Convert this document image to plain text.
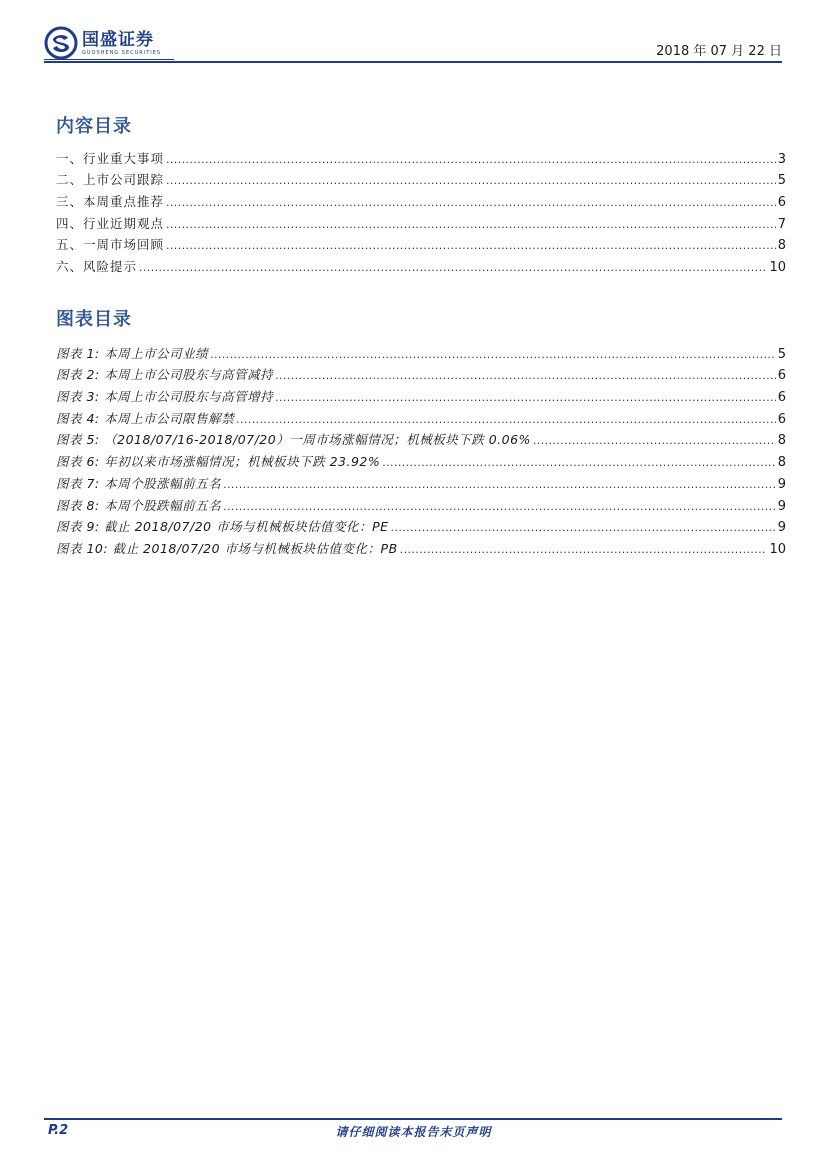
国盛证券
GUOSHENG SECURITIES	2018 年 07 月 22 日
内容目录
一、行业重大事项 .....	3
二、上市公司跟踪 .....	5
三、本周重点推荐 .....	6
四、行业近期观点 .....	7
五、一周市场回顾 .....	8
六、风险提示 .....	10
图表目录
图表 1: 本周上市公司业绩 .....	5
图表 2: 本周上市公司股东与高管减持 .....	6
图表 3: 本周上市公司股东与高管增持 .....	6
图表 4: 本周上市公司限售解禁 .....	6
图表 5: （2018/07/16-2018/07/20）一周市场涨幅情况；机械板块下跌 0.06% .....	8
图表 6: 年初以来市场涨幅情况；机械板块下跌 23.92% .....	8
图表 7: 本周个股涨幅前五名 .....	9
图表 8: 本周个股跌幅前五名 .....	9
图表 9: 截止 2018/07/20 市场与机械板块估值变化：PE .....	9
图表 10: 截止 2018/07/20 市场与机械板块估值变化：PB .....	10
请仔细阅读本报告末页声明
P.2
